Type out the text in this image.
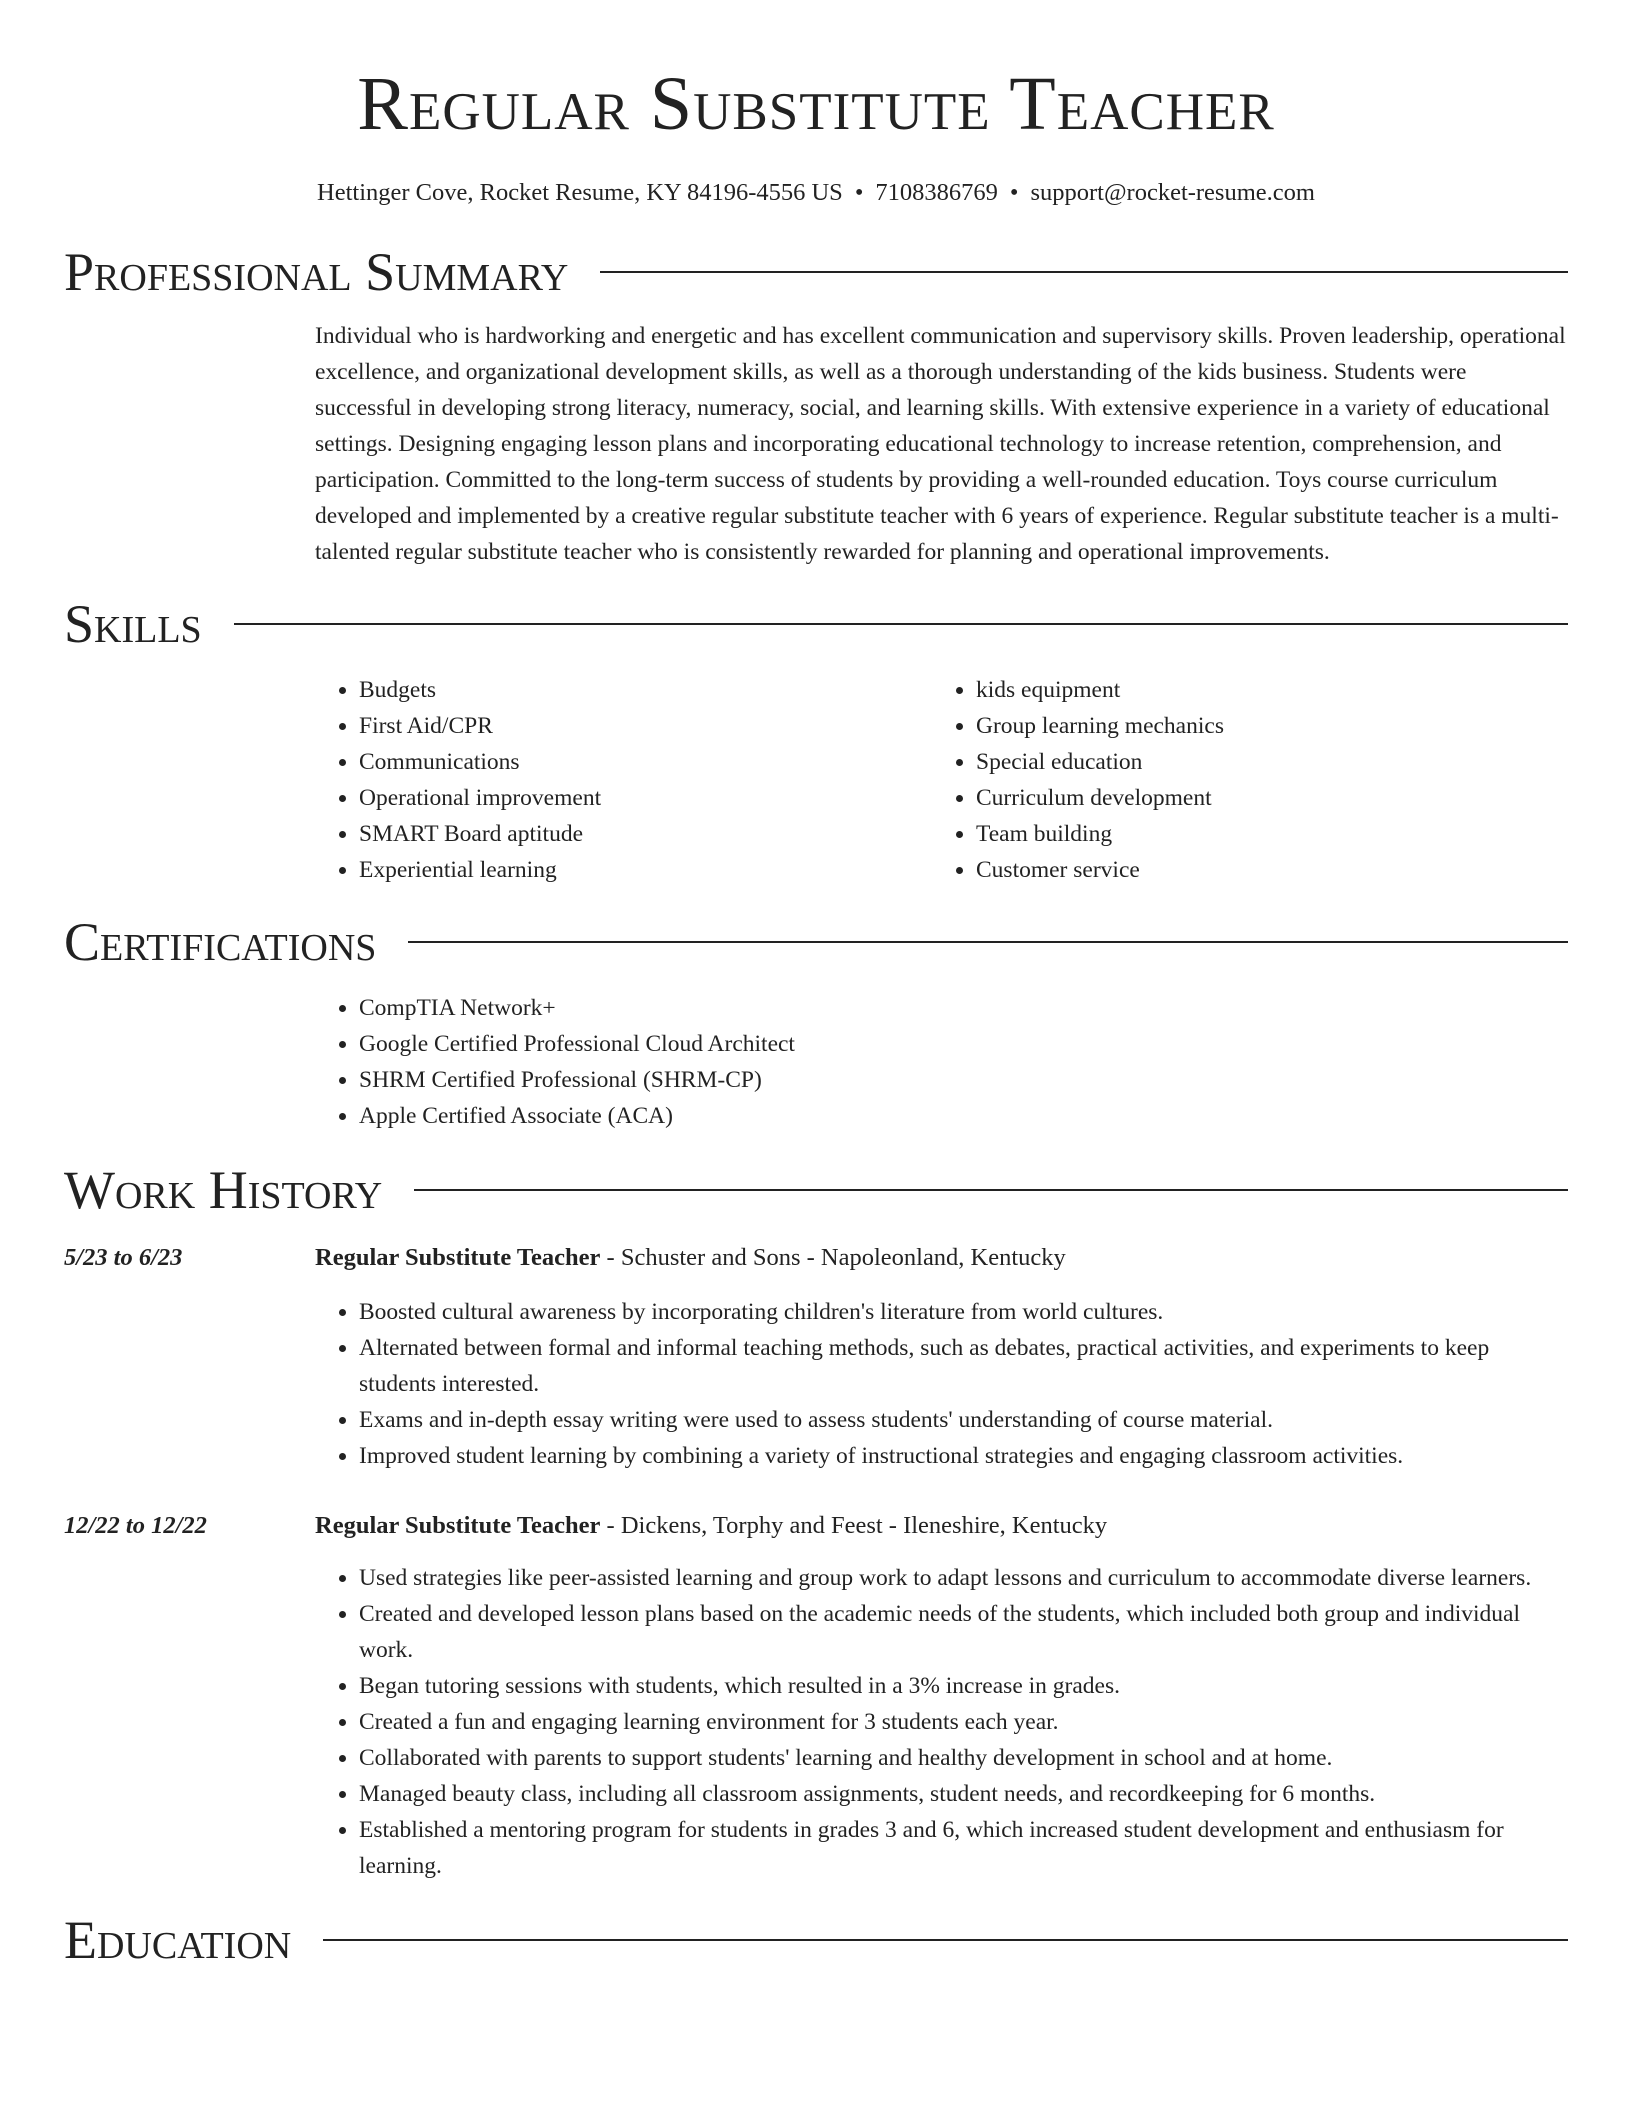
Regular Substitute Teacher
Hettinger Cove, Rocket Resume, KY 84196-4556 US • 7108386769 • support@rocket-resume.com
Professional Summary

Individual who is hardworking and energetic and has excellent communication and supervisory skills. Proven leadership, operational excellence, and organizational development skills, as well as a thorough understanding of the kids business. Students were successful in developing strong literacy, numeracy, social, and learning skills. With extensive experience in a variety of educational settings. Designing engaging lesson plans and incorporating educational technology to increase retention, comprehension, and participation. Committed to the long-term success of students by providing a well-rounded education. Toys course curriculum developed and implemented by a creative regular substitute teacher with 6 years of experience. Regular substitute teacher is a multi-talented regular substitute teacher who is consistently rewarded for planning and operational improvements.

Skills
• Budgets
• First Aid/CPR
• Communications
• Operational improvement
• SMART Board aptitude
• Experiential learning
• kids equipment
• Group learning mechanics
• Special education
• Curriculum development
• Team building
• Customer service
Certifications
• CompTIA Network+
• Google Certified Professional Cloud Architect
• SHRM Certified Professional (SHRM-CP)
• Apple Certified Associate (ACA)
Work History
5/23 to 6/23	Regular Substitute Teacher - Schuster and Sons - Napoleonland, Kentucky
• Boosted cultural awareness by incorporating children's literature from world cultures.
• Alternated between formal and informal teaching methods, such as debates, practical activities, and experiments to keep students interested.
• Exams and in-depth essay writing were used to assess students' understanding of course material.
• Improved student learning by combining a variety of instructional strategies and engaging classroom activities.
12/22 to 12/22	Regular Substitute Teacher - Dickens, Torphy and Feest - Ileneshire, Kentucky
• Used strategies like peer-assisted learning and group work to adapt lessons and curriculum to accommodate diverse learners.
• Created and developed lesson plans based on the academic needs of the students, which included both group and individual work.
• Began tutoring sessions with students, which resulted in a 3% increase in grades.
• Created a fun and engaging learning environment for 3 students each year.
• Collaborated with parents to support students' learning and healthy development in school and at home.
• Managed beauty class, including all classroom assignments, student needs, and recordkeeping for 6 months.
• Established a mentoring program for students in grades 3 and 6, which increased student development and enthusiasm for learning.
Education
